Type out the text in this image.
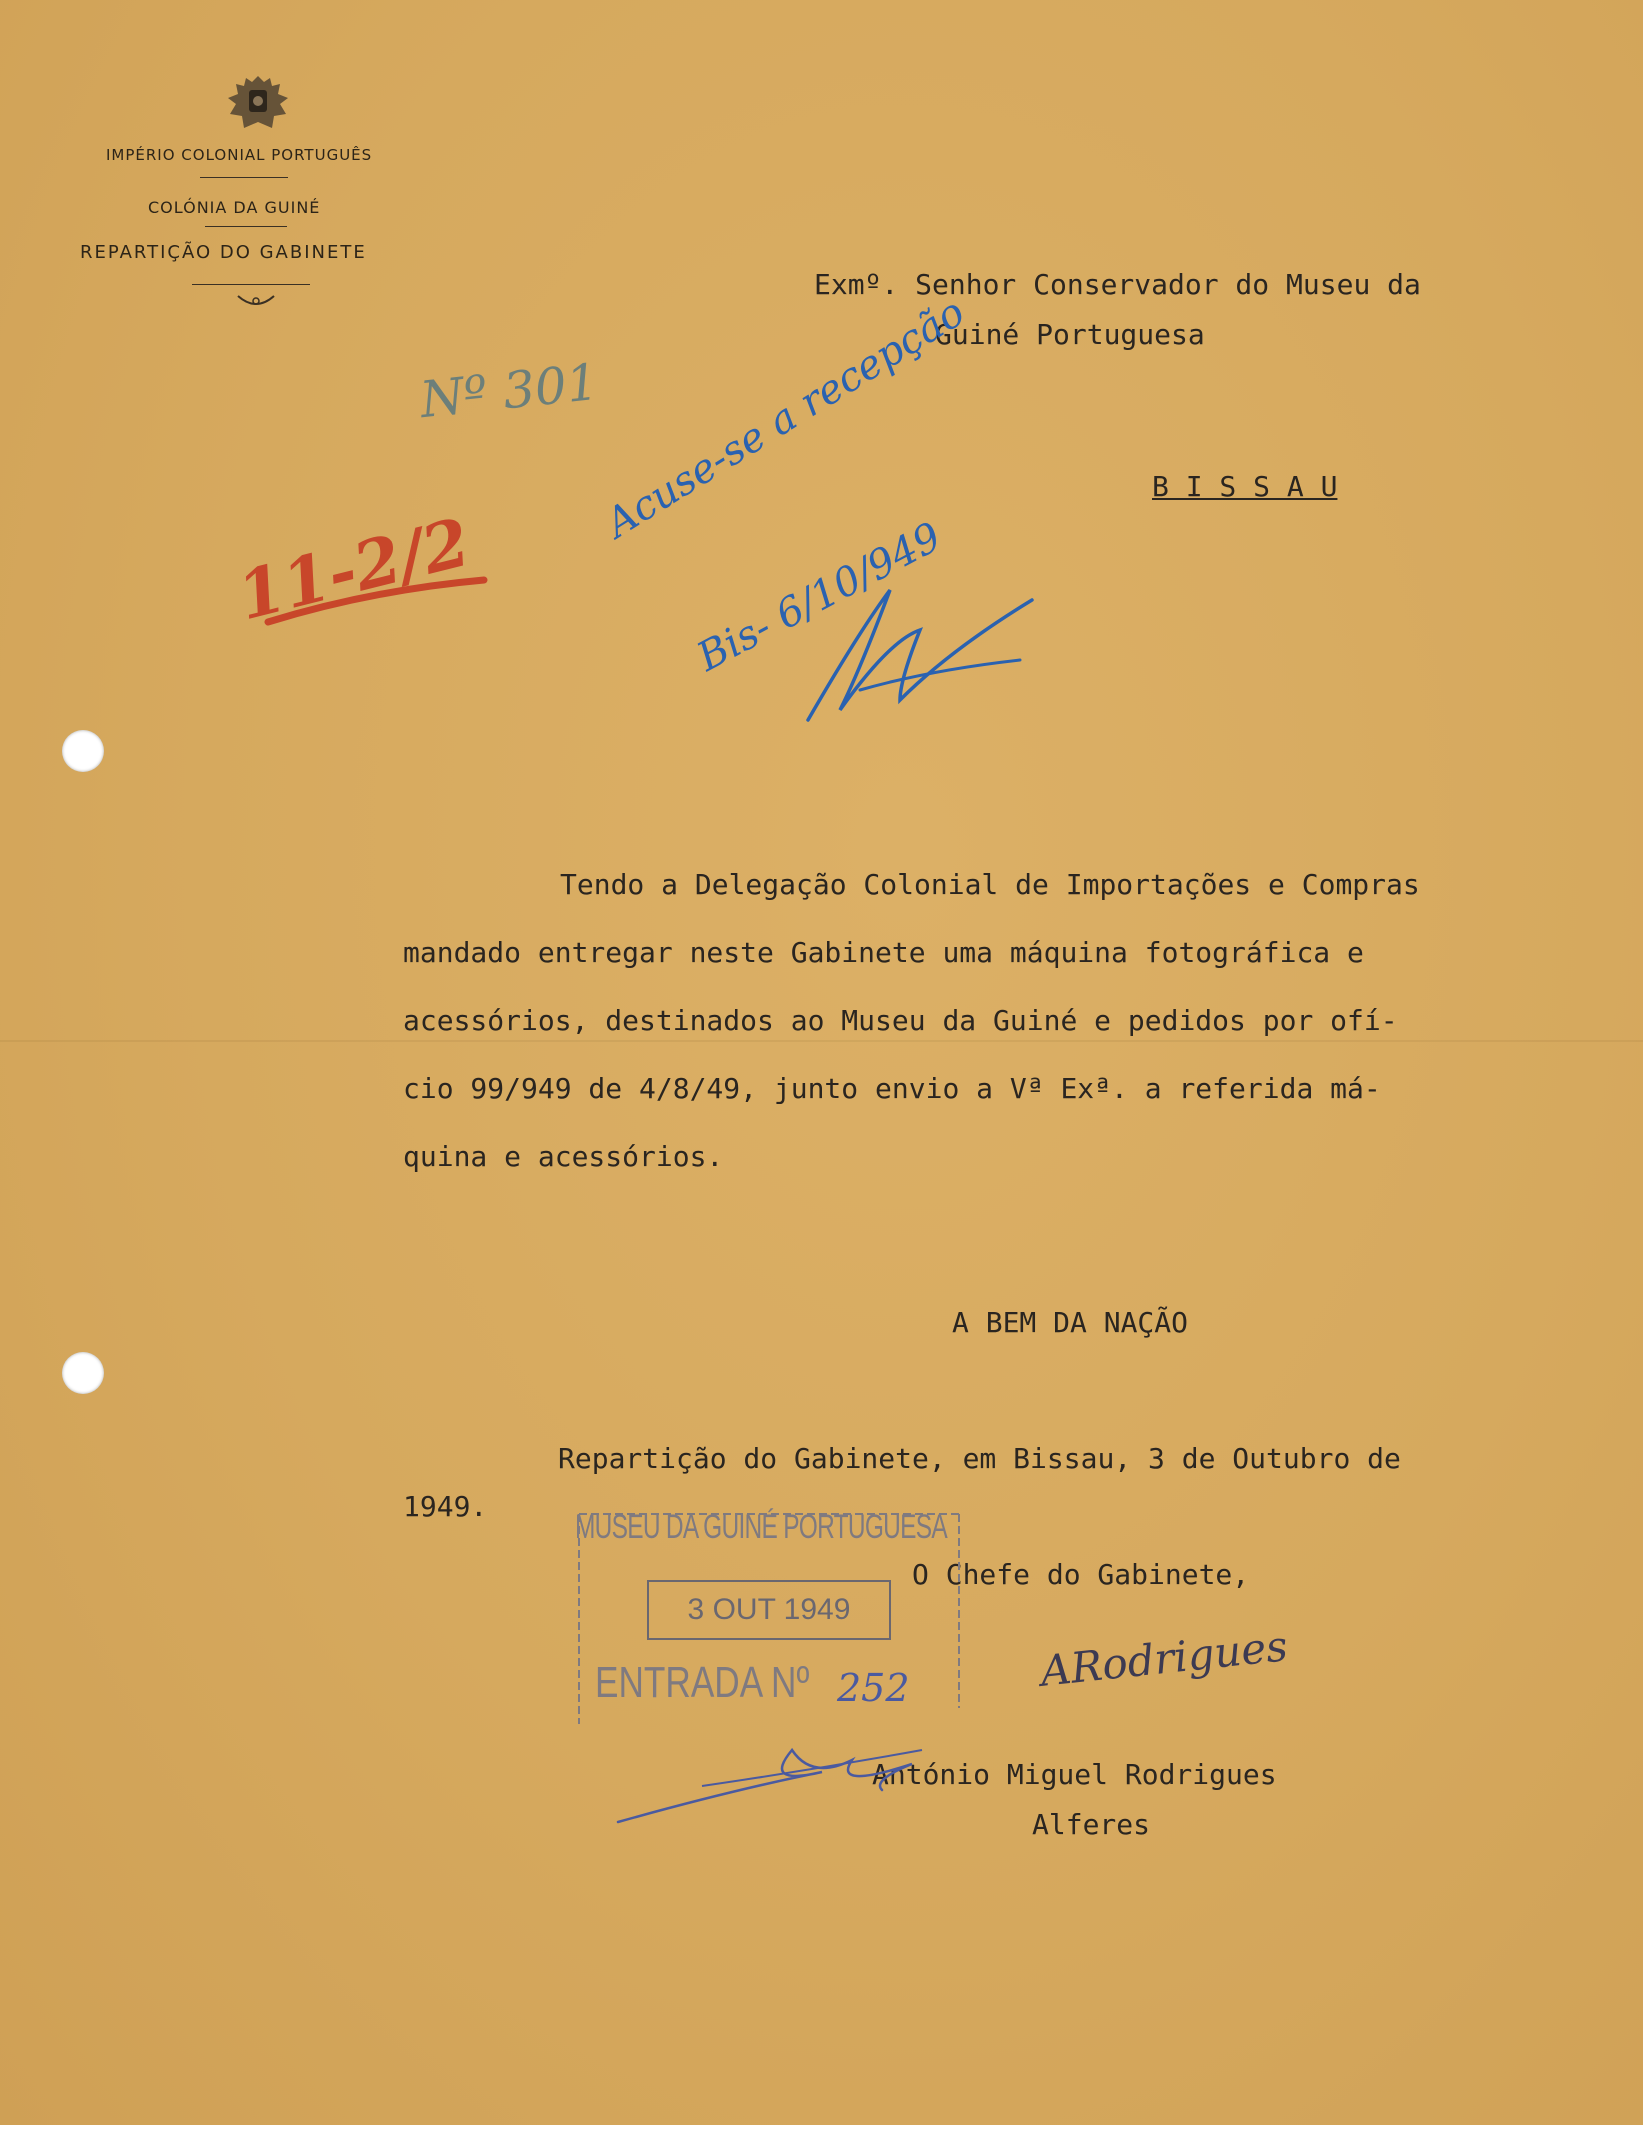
IMPÉRIO COLONIAL PORTUGUÊS
COLÓNIA DA GUINÉ
REPARTIÇÃO DO GABINETE
Exmº. Senhor Conservador do Museu da
Guiné Portuguesa
B I S S A U
Nº 301
11-2/2
Acuse-se a recepção
Bis- 6/10/949
Tendo a Delegação Colonial de Importações e Compras
mandado entregar neste Gabinete uma máquina fotográfica e
acessórios, destinados ao Museu da Guiné e pedidos por ofí-
cio 99/949 de 4/8/49, junto envio a Vª Exª. a referida má-
quina e acessórios.
A BEM DA NAÇÃO
Repartição do Gabinete, em Bissau, 3 de Outubro de
1949.
O Chefe do Gabinete,
ARodrigues
António Miguel Rodrigues
Alferes
MUSEU DA GUINÉ PORTUGUESA
3 OUT 1949
ENTRADA Nº 252
